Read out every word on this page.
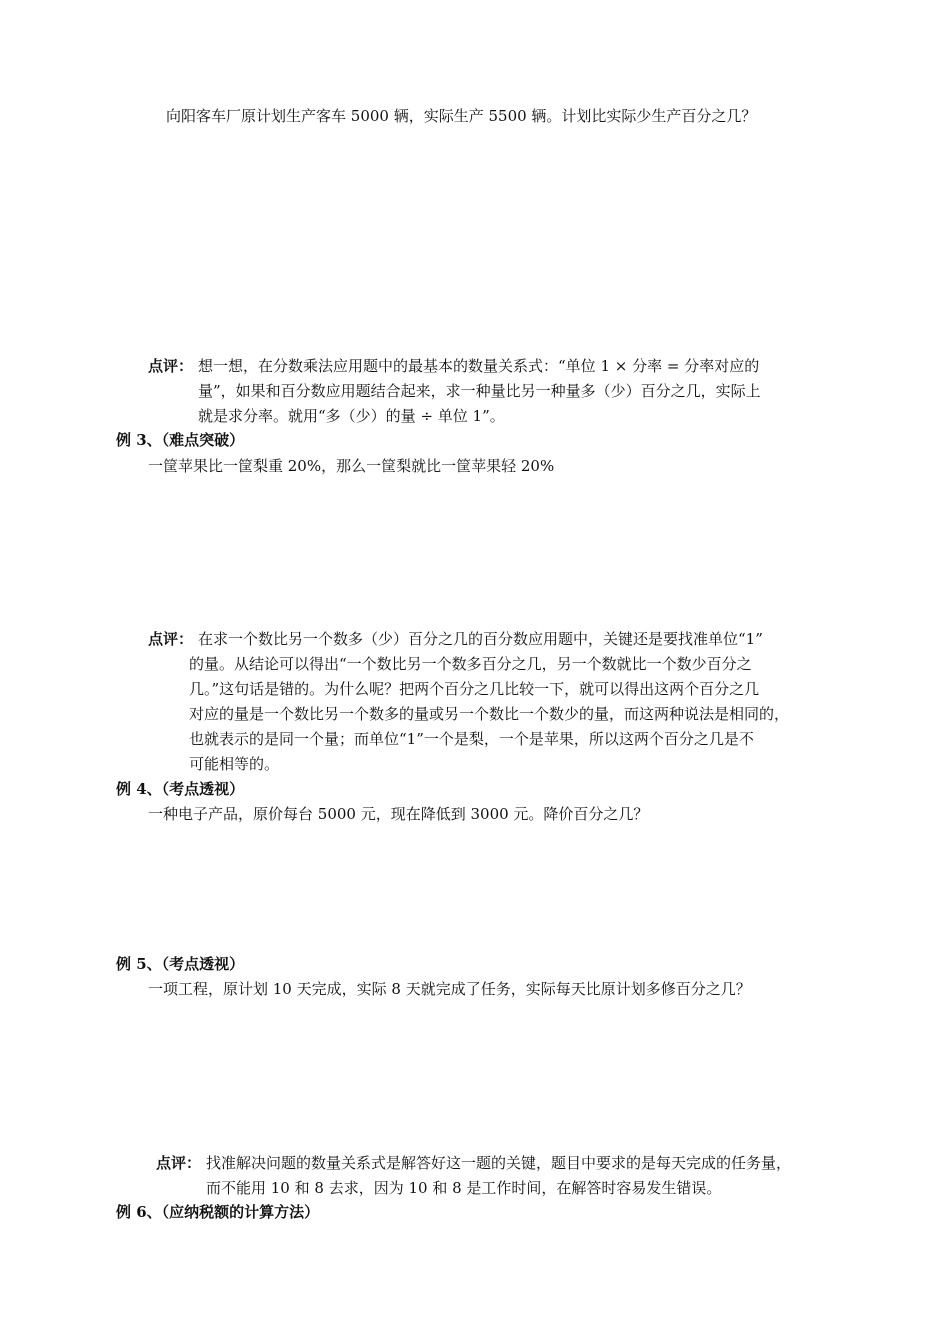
向阳客车厂原计划生产客车 5000 辆，实际生产 5500 辆。计划比实际少生产百分之几？
点评： 想一想，在分数乘法应用题中的最基本的数量关系式：“单位 1 × 分率 = 分率对应的
量”，如果和百分数应用题结合起来，求一种量比另一种量多（少）百分之几，实际上
就是求分率。就用“多（少）的量 ÷ 单位 1”。
例 3、（难点突破）
一筐苹果比一筐梨重 20%，那么一筐梨就比一筐苹果轻 20%
点评： 在求一个数比另一个数多（少）百分之几的百分数应用题中，关键还是要找准单位“1”
的量。从结论可以得出“一个数比另一个数多百分之几，另一个数就比一个数少百分之
几。”这句话是错的。为什么呢？把两个百分之几比较一下，就可以得出这两个百分之几
对应的量是一个数比另一个数多的量或另一个数比一个数少的量，而这两种说法是相同的，
也就表示的是同一个量；而单位“1”一个是梨，一个是苹果，所以这两个百分之几是不
可能相等的。
例 4、（考点透视）
一种电子产品，原价每台 5000 元，现在降低到 3000 元。降价百分之几？
例 5、（考点透视）
一项工程，原计划 10 天完成，实际 8 天就完成了任务，实际每天比原计划多修百分之几？
点评： 找准解决问题的数量关系式是解答好这一题的关键，题目中要求的是每天完成的任务量，
而不能用 10 和 8 去求，因为 10 和 8 是工作时间，在解答时容易发生错误。
例 6、（应纳税额的计算方法）
